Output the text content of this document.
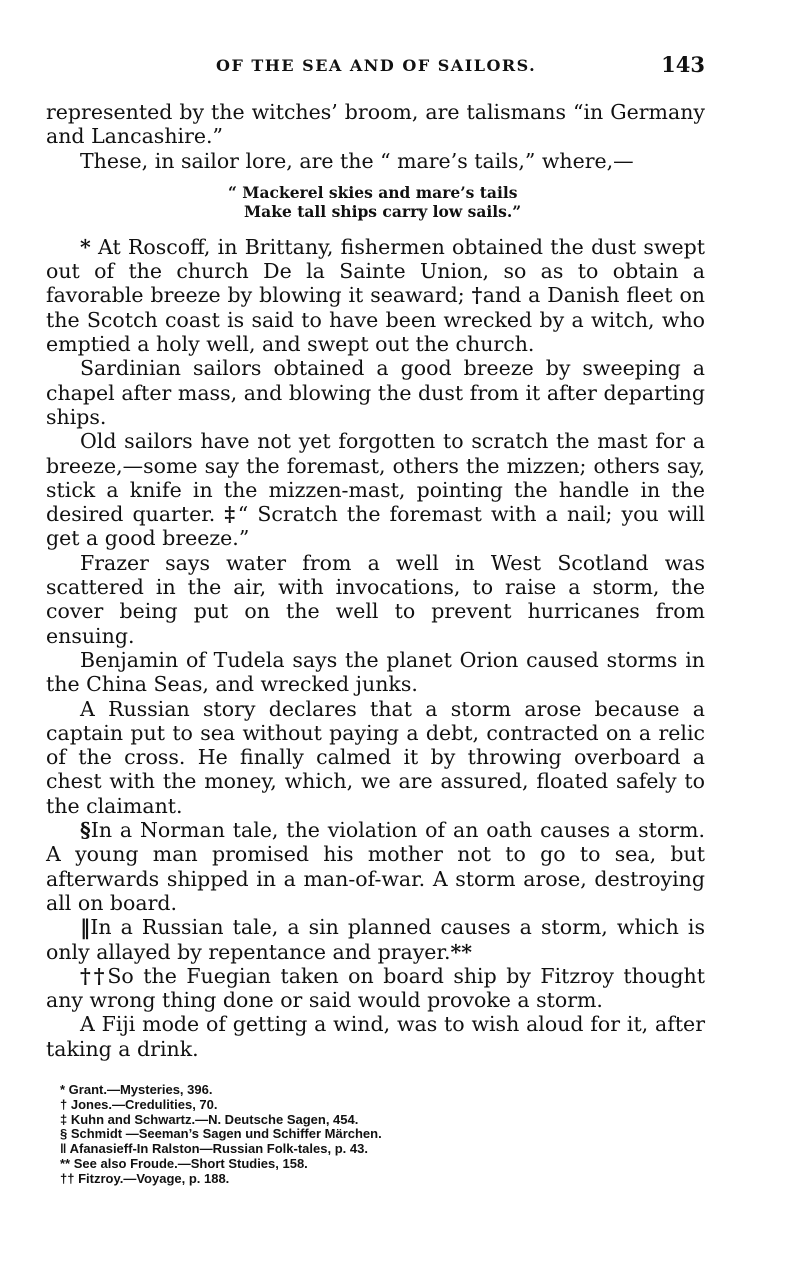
OF THE SEA AND OF SAILORS.	143

represented by the witches’ broom, are talismans “in Germany and Lancashire.”

These, in sailor lore, are the “ mare’s tails,” where,—

“ Mackerel skies and mare’s tails
Make tall ships carry low sails.”

* At Roscoff, in Brittany, fishermen obtained the dust swept out of the church De la Sainte Union, so as to obtain a favorable breeze by blowing it seaward; †and a Danish fleet on the Scotch coast is said to have been wrecked by a witch, who emptied a holy well, and swept out the church.

Sardinian sailors obtained a good breeze by sweeping a chapel after mass, and blowing the dust from it after departing ships.

Old sailors have not yet forgotten to scratch the mast for a breeze,—some say the foremast, others the mizzen; others say, stick a knife in the mizzen-mast, pointing the handle in the desired quarter. ‡“ Scratch the foremast with a nail; you will get a good breeze.”

Frazer says water from a well in West Scotland was scattered in the air, with invocations, to raise a storm, the cover being put on the well to prevent hurricanes from ensuing.

Benjamin of Tudela says the planet Orion caused storms in the China Seas, and wrecked junks.

A Russian story declares that a storm arose because a captain put to sea without paying a debt, contracted on a relic of the cross. He finally calmed it by throwing overboard a chest with the money, which, we are assured, floated safely to the claimant.

§In a Norman tale, the violation of an oath causes a storm. A young man promised his mother not to go to sea, but afterwards shipped in a man-of-war. A storm arose, destroying all on board.

‖In a Russian tale, a sin planned causes a storm, which is only allayed by repentance and prayer.**

††So the Fuegian taken on board ship by Fitzroy thought any wrong thing done or said would provoke a storm.

A Fiji mode of getting a wind, was to wish aloud for it, after taking a drink.

* Grant.—Mysteries, 396.
† Jones.—Credulities, 70.
‡ Kuhn and Schwartz.—N. Deutsche Sagen, 454.
§ Schmidt —Seeman’s Sagen und Schiffer Märchen.
‖ Afanasieff-In Ralston—Russian Folk-tales, p. 43.
** See also Froude.—Short Studies, 158.
†† Fitzroy.—Voyage, p. 188.
